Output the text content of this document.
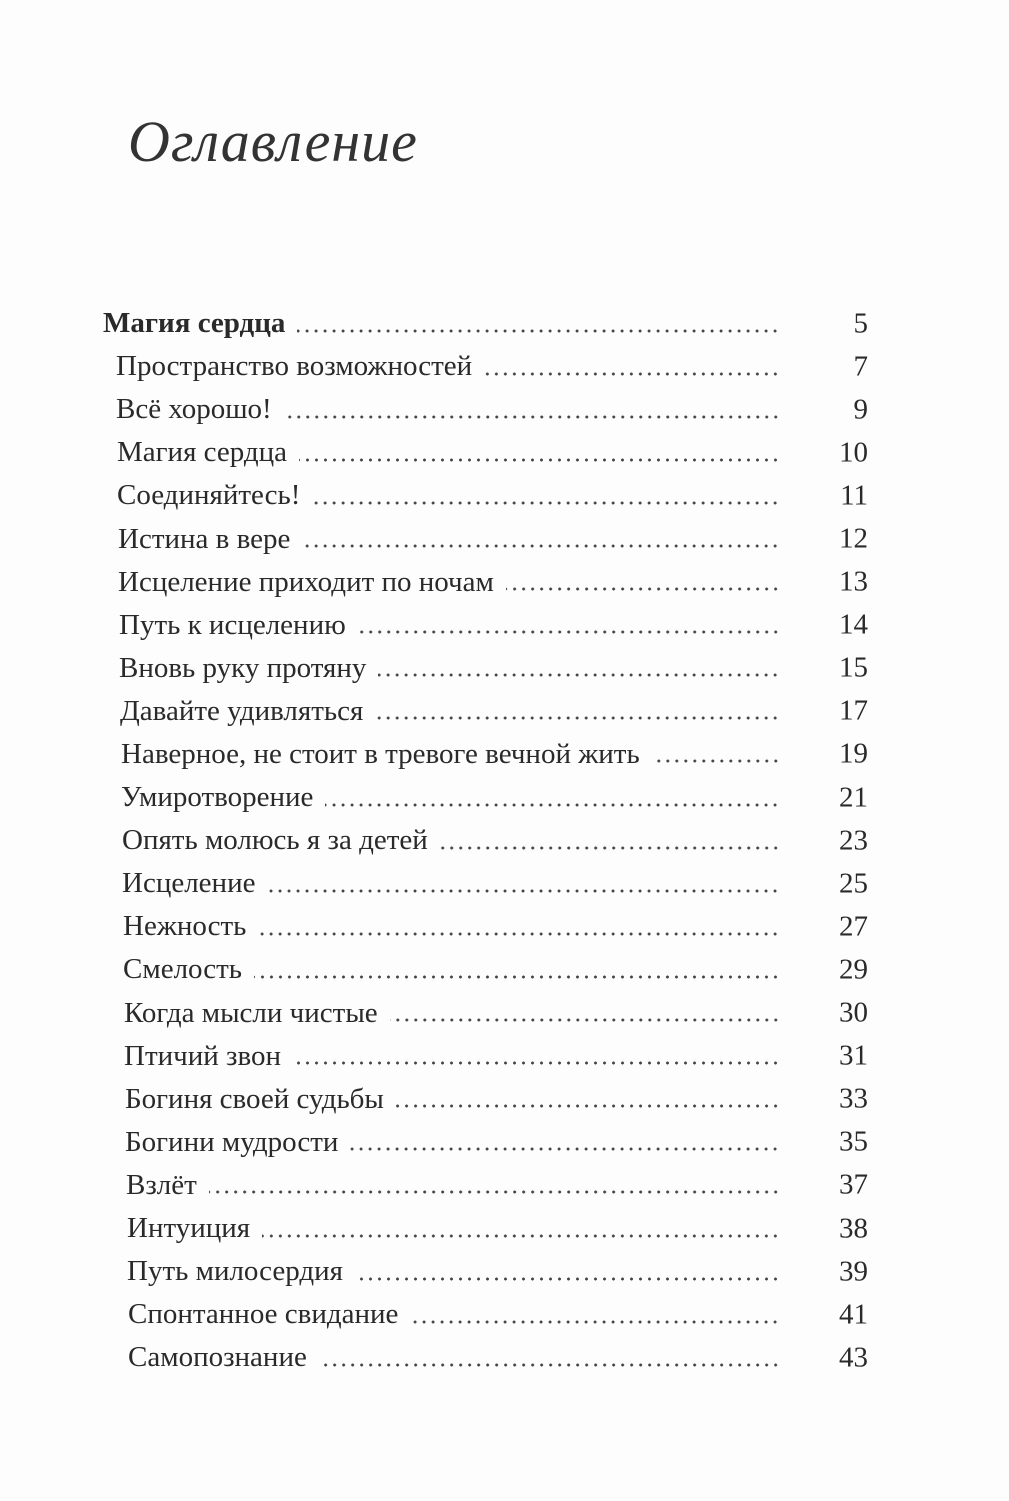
Оглавление
Магия сердца	5
Пространство возможностей	7
Всё хорошо!	9
Магия сердца	10
Соединяйтесь!	11
Истина в вере	12
Исцеление приходит по ночам	13
Путь к исцелению	14
Вновь руку протяну	15
Давайте удивляться	17
Наверное, не стоит в тревоге вечной жить	19
Умиротворение	21
Опять молюсь я за детей	23
Исцеление	25
Нежность	27
Смелость	29
Когда мысли чистые	30
Птичий звон	31
Богиня своей судьбы	33
Богини мудрости	35
Взлёт	37
Интуиция	38
Путь милосердия	39
Спонтанное свидание	41
Самопознание	43
